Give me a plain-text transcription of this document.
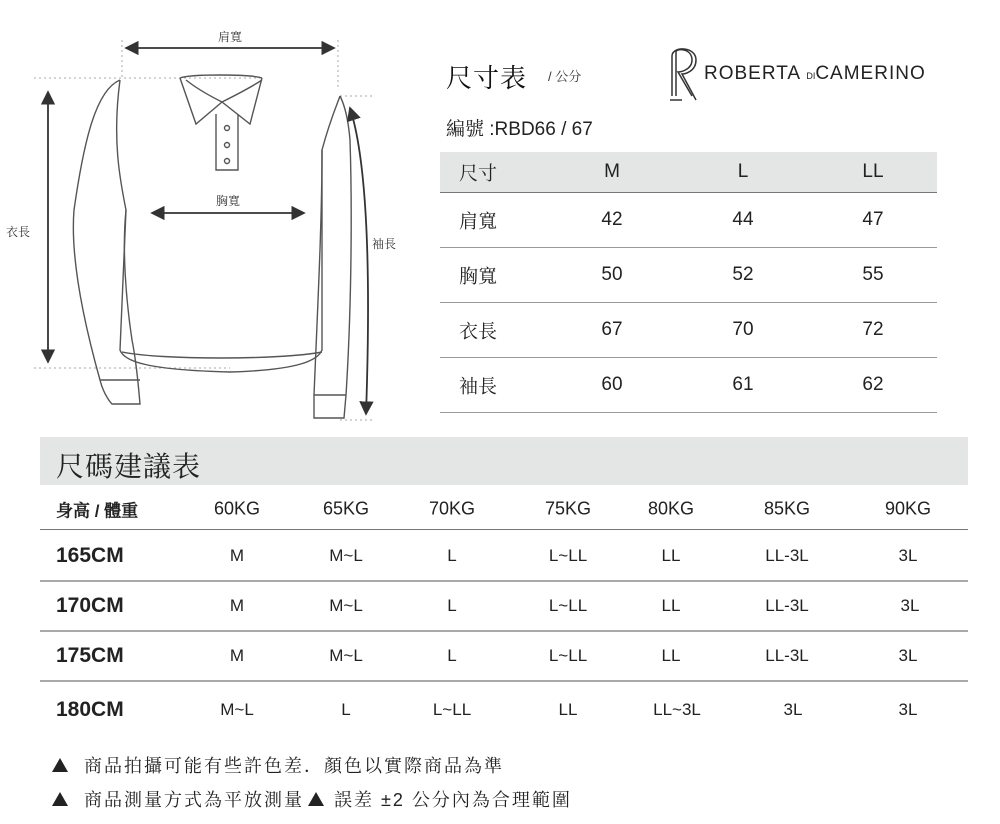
肩寬
胸寬
衣長
袖長
尺寸表 / 公分	ROBERTA DICAMERINO
編號 :RBD66 / 67
尺寸	M	L	LL
肩寬	42	44	47
胸寬	50	52	55
衣長	67	70	72
袖長	60	61	62
尺碼建議表
身高 / 體重	60KG	65KG	70KG	75KG	80KG	85KG	90KG
165CM	M	M~L	L	L~LL	LL	LL-3L	3L
170CM	M	M~L	L	L~LL	LL	LL-3L	3L
175CM	M	M~L	L	L~LL	LL	LL-3L	3L
180CM	M~L	L	L~LL	LL	LL~3L	3L	3L
商品拍攝可能有些許色差．顏色以實際商品為準
商品測量方式為平放測量 誤差 ±2 公分內為合理範圍
